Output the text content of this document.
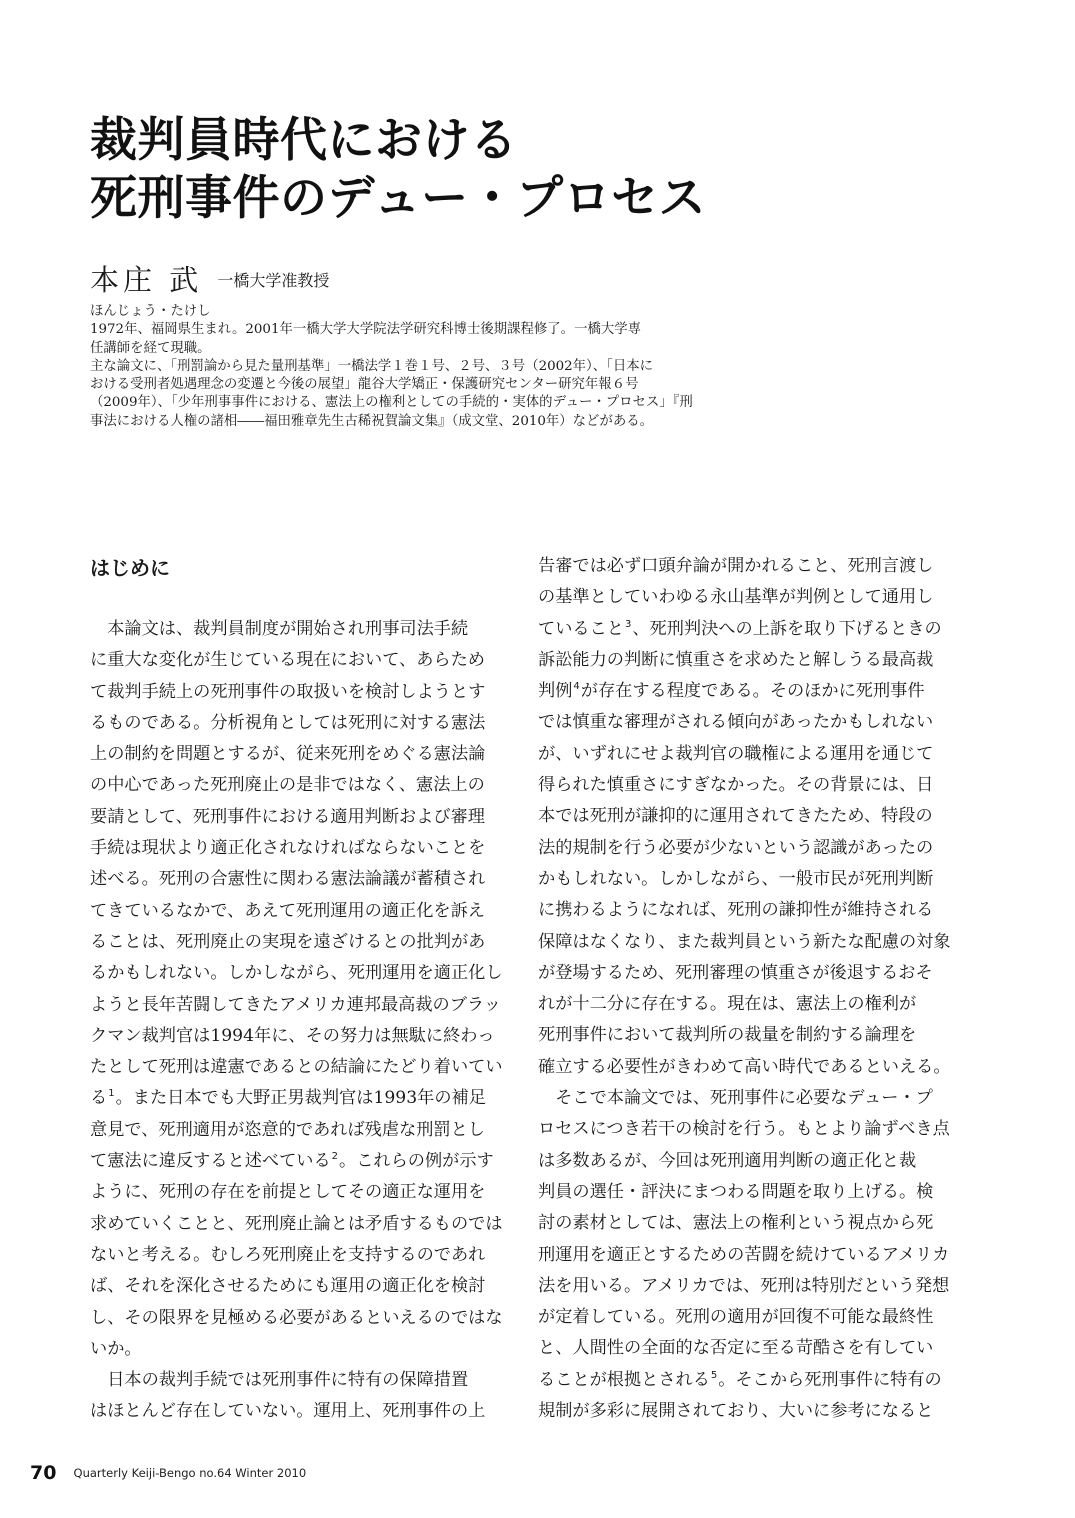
裁判員時代における
死刑事件のデュー・プロセス
本庄 武 一橋大学准教授
ほんじょう・たけし
1972年、福岡県生まれ。2001年一橋大学大学院法学研究科博士後期課程修了。一橋大学専
任講師を経て現職。
主な論文に、「刑罰論から見た量刑基準」一橋法学１巻１号、２号、３号（2002年）、「日本に
おける受刑者処遇理念の変遷と今後の展望」龍谷大学矯正・保護研究センター研究年報６号
（2009年）、「少年刑事事件における、憲法上の権利としての手続的・実体的デュー・プロセス」『刑
事法における人権の諸相――福田雅章先生古稀祝賀論文集』（成文堂、2010年）などがある。
はじめに
　本論文は、裁判員制度が開始され刑事司法手続
に重大な変化が生じている現在において、あらため
て裁判手続上の死刑事件の取扱いを検討しようとす
るものである。分析視角としては死刑に対する憲法
上の制約を問題とするが、従来死刑をめぐる憲法論
の中心であった死刑廃止の是非ではなく、憲法上の
要請として、死刑事件における適用判断および審理
手続は現状より適正化されなければならないことを
述べる。死刑の合憲性に関わる憲法論議が蓄積され
てきているなかで、あえて死刑運用の適正化を訴え
ることは、死刑廃止の実現を遠ざけるとの批判があ
るかもしれない。しかしながら、死刑運用を適正化し
ようと長年苦闘してきたアメリカ連邦最高裁のブラッ
クマン裁判官は1994年に、その努力は無駄に終わっ
たとして死刑は違憲であるとの結論にたどり着いてい
る$^1$。また日本でも大野正男裁判官は1993年の補足
意見で、死刑適用が恣意的であれば残虐な刑罰とし
て憲法に違反すると述べている$^2$。これらの例が示す
ように、死刑の存在を前提としてその適正な運用を
求めていくことと、死刑廃止論とは矛盾するものでは
ないと考える。むしろ死刑廃止を支持するのであれ
ば、それを深化させるためにも運用の適正化を検討
し、その限界を見極める必要があるといえるのではな
いか。
　日本の裁判手続では死刑事件に特有の保障措置
はほとんど存在していない。運用上、死刑事件の上
告審では必ず口頭弁論が開かれること、死刑言渡し
の基準としていわゆる永山基準が判例として通用し
ていること$^3$、死刑判決への上訴を取り下げるときの
訴訟能力の判断に慎重さを求めたと解しうる最高裁
判例$^4$が存在する程度である。そのほかに死刑事件
では慎重な審理がされる傾向があったかもしれない
が、いずれにせよ裁判官の職権による運用を通じて
得られた慎重さにすぎなかった。その背景には、日
本では死刑が謙抑的に運用されてきたため、特段の
法的規制を行う必要が少ないという認識があったの
かもしれない。しかしながら、一般市民が死刑判断
に携わるようになれば、死刑の謙抑性が維持される
保障はなくなり、また裁判員という新たな配慮の対象
が登場するため、死刑審理の慎重さが後退するおそ
れが十二分に存在する。現在は、憲法上の権利が
死刑事件において裁判所の裁量を制約する論理を
確立する必要性がきわめて高い時代であるといえる。
　そこで本論文では、死刑事件に必要なデュー・プ
ロセスにつき若干の検討を行う。もとより論ずべき点
は多数あるが、今回は死刑適用判断の適正化と裁
判員の選任・評決にまつわる問題を取り上げる。検
討の素材としては、憲法上の権利という視点から死
刑運用を適正とするための苦闘を続けているアメリカ
法を用いる。アメリカでは、死刑は特別だという発想
が定着している。死刑の適用が回復不可能な最終性
と、人間性の全面的な否定に至る苛酷さを有してい
ることが根拠とされる$^5$。そこから死刑事件に特有の
規制が多彩に展開されており、大いに参考になると
70 Quarterly Keiji-Bengo no.64 Winter 2010
